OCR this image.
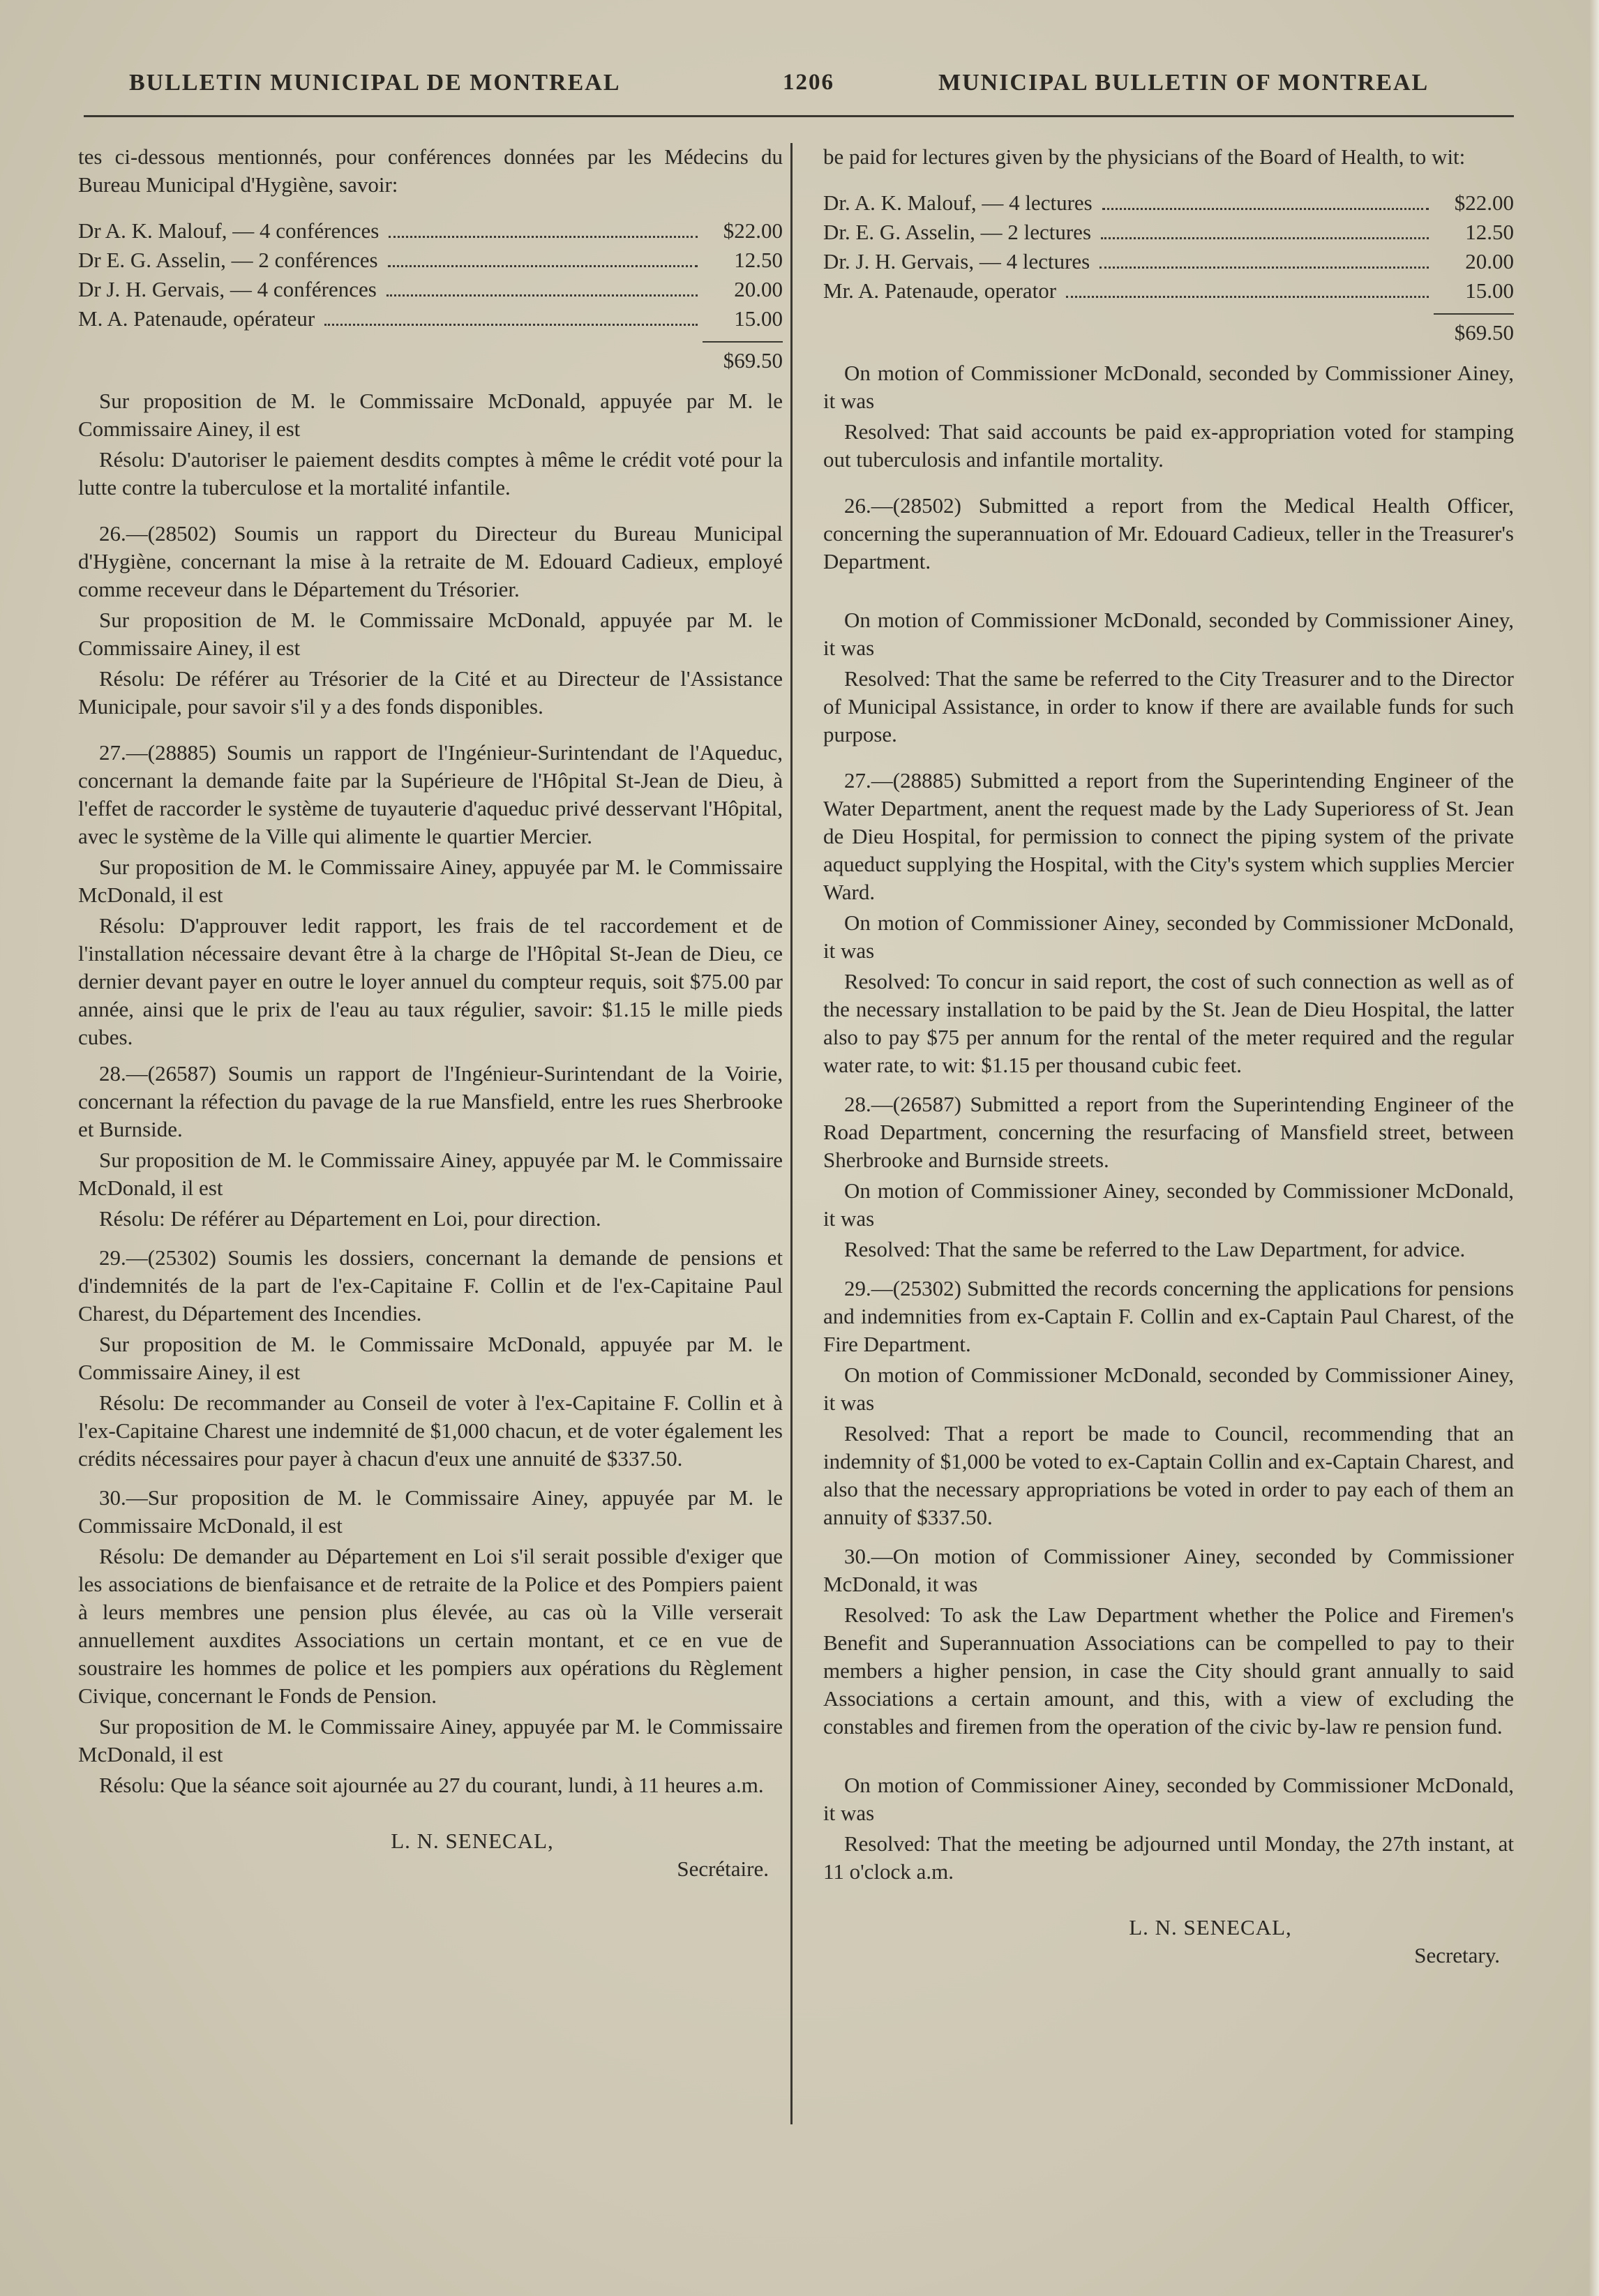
BULLETIN MUNICIPAL DE MONTREAL	1206	MUNICIPAL BULLETIN OF MONTREAL

tes ci-dessous mentionnés, pour conférences données par les Médecins du Bureau Municipal d'Hygiène, savoir:

Dr A. K. Malouf, — 4 conférences	$22.00
Dr E. G. Asselin, — 2 conférences	12.50
Dr J. H. Gervais, — 4 conférences	20.00
M. A. Patenaude, opérateur	15.00
$69.50

Sur proposition de M. le Commissaire McDonald, appuyée par M. le Commissaire Ainey, il est

Résolu: D'autoriser le paiement desdits comptes à même le crédit voté pour la lutte contre la tuberculose et la mortalité infantile.

26.—(28502) Soumis un rapport du Directeur du Bureau Municipal d'Hygiène, concernant la mise à la retraite de M. Edouard Cadieux, employé comme receveur dans le Département du Trésorier.

Sur proposition de M. le Commissaire McDonald, appuyée par M. le Commissaire Ainey, il est

Résolu: De référer au Trésorier de la Cité et au Directeur de l'Assistance Municipale, pour savoir s'il y a des fonds disponibles.

27.—(28885) Soumis un rapport de l'Ingénieur-Surintendant de l'Aqueduc, concernant la demande faite par la Supérieure de l'Hôpital St-Jean de Dieu, à l'effet de raccorder le système de tuyauterie d'aqueduc privé desservant l'Hôpital, avec le système de la Ville qui alimente le quartier Mercier.

Sur proposition de M. le Commissaire Ainey, appuyée par M. le Commissaire McDonald, il est

Résolu: D'approuver ledit rapport, les frais de tel raccordement et de l'installation nécessaire devant être à la charge de l'Hôpital St-Jean de Dieu, ce dernier devant payer en outre le loyer annuel du compteur requis, soit $75.00 par année, ainsi que le prix de l'eau au taux régulier, savoir: $1.15 le mille pieds cubes.

28.—(26587) Soumis un rapport de l'Ingénieur-Surintendant de la Voirie, concernant la réfection du pavage de la rue Mansfield, entre les rues Sherbrooke et Burnside.

Sur proposition de M. le Commissaire Ainey, appuyée par M. le Commissaire McDonald, il est

Résolu: De référer au Département en Loi, pour direction.

29.—(25302) Soumis les dossiers, concernant la demande de pensions et d'indemnités de la part de l'ex-Capitaine F. Collin et de l'ex-Capitaine Paul Charest, du Département des Incendies.

Sur proposition de M. le Commissaire McDonald, appuyée par M. le Commissaire Ainey, il est

Résolu: De recommander au Conseil de voter à l'ex-Capitaine F. Collin et à l'ex-Capitaine Charest une indemnité de $1,000 chacun, et de voter également les crédits nécessaires pour payer à chacun d'eux une annuité de $337.50.

30.—Sur proposition de M. le Commissaire Ainey, appuyée par M. le Commissaire McDonald, il est

Résolu: De demander au Département en Loi s'il serait possible d'exiger que les associations de bienfaisance et de retraite de la Police et des Pompiers paient à leurs membres une pension plus élevée, au cas où la Ville verserait annuellement auxdites Associations un certain montant, et ce en vue de soustraire les hommes de police et les pompiers aux opérations du Règlement Civique, concernant le Fonds de Pension.

Sur proposition de M. le Commissaire Ainey, appuyée par M. le Commissaire McDonald, il est

Résolu: Que la séance soit ajournée au 27 du courant, lundi, à 11 heures a.m.

L. N. SENECAL,
Secrétaire.

be paid for lectures given by the physicians of the Board of Health, to wit:

Dr. A. K. Malouf, — 4 lectures	$22.00
Dr. E. G. Asselin, — 2 lectures	12.50
Dr. J. H. Gervais, — 4 lectures	20.00
Mr. A. Patenaude, operator	15.00
$69.50

On motion of Commissioner McDonald, seconded by Commissioner Ainey, it was

Resolved: That said accounts be paid ex-appropriation voted for stamping out tuberculosis and infantile mortality.

26.—(28502) Submitted a report from the Medical Health Officer, concerning the superannuation of Mr. Edouard Cadieux, teller in the Treasurer's Department.

On motion of Commissioner McDonald, seconded by Commissioner Ainey, it was

Resolved: That the same be referred to the City Treasurer and to the Director of Municipal Assistance, in order to know if there are available funds for such purpose.

27.—(28885) Submitted a report from the Superintending Engineer of the Water Department, anent the request made by the Lady Superioress of St. Jean de Dieu Hospital, for permission to connect the piping system of the private aqueduct supplying the Hospital, with the City's system which supplies Mercier Ward.

On motion of Commissioner Ainey, seconded by Commissioner McDonald, it was

Resolved: To concur in said report, the cost of such connection as well as of the necessary installation to be paid by the St. Jean de Dieu Hospital, the latter also to pay $75 per annum for the rental of the meter required and the regular water rate, to wit: $1.15 per thousand cubic feet.

28.—(26587) Submitted a report from the Superintending Engineer of the Road Department, concerning the resurfacing of Mansfield street, between Sherbrooke and Burnside streets.

On motion of Commissioner Ainey, seconded by Commissioner McDonald, it was

Resolved: That the same be referred to the Law Department, for advice.

29.—(25302) Submitted the records concerning the applications for pensions and indemnities from ex-Captain F. Collin and ex-Captain Paul Charest, of the Fire Department.

On motion of Commissioner McDonald, seconded by Commissioner Ainey, it was

Resolved: That a report be made to Council, recommending that an indemnity of $1,000 be voted to ex-Captain Collin and ex-Captain Charest, and also that the necessary appropriations be voted in order to pay each of them an annuity of $337.50.

30.—On motion of Commissioner Ainey, seconded by Commissioner McDonald, it was

Resolved: To ask the Law Department whether the Police and Firemen's Benefit and Superannuation Associations can be compelled to pay to their members a higher pension, in case the City should grant annually to said Associations a certain amount, and this, with a view of excluding the constables and firemen from the operation of the civic by-law re pension fund.

On motion of Commissioner Ainey, seconded by Commissioner McDonald, it was

Resolved: That the meeting be adjourned until Monday, the 27th instant, at 11 o'clock a.m.

L. N. SENECAL,
Secretary.
